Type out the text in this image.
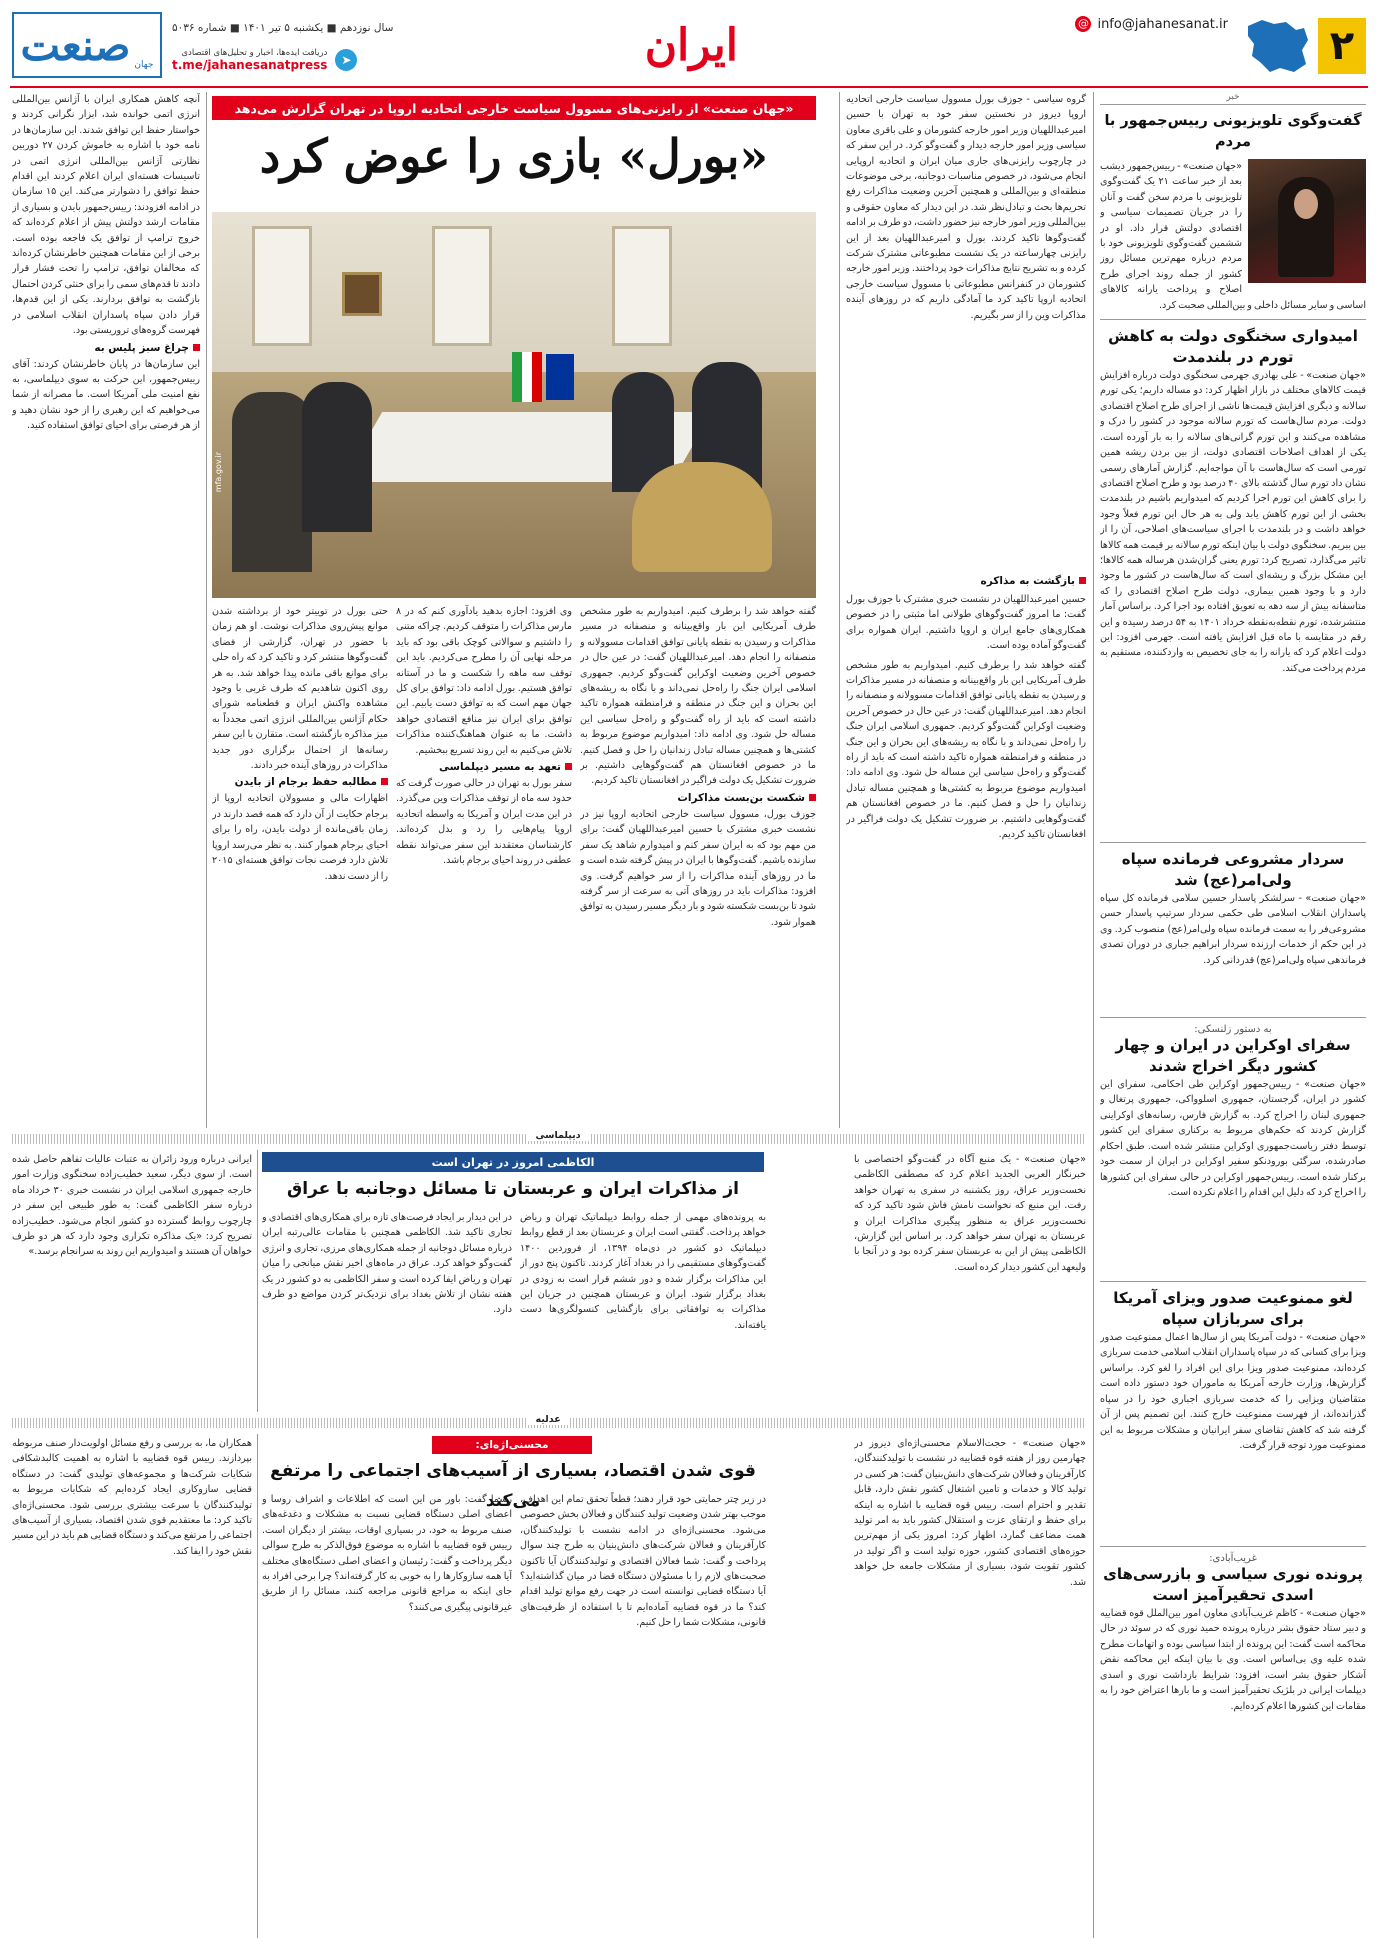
۲
@ info@jahanesanat.ir
ایران
سال نوزدهم ■ یکشنبه ۵ تیر ۱۴۰۱ ■ شماره ۵۰۳۶
➤
دریافت ایده‌ها، اخبار و تحلیل‌های اقتصادی
t.me/jahanesanatpress
جهان
صنعت
خبر
گفت‌وگوی تلویزیونی رییس‌جمهور با مردم
«جهان صنعت» - رییس‌جمهور دیشب بعد از خبر ساعت ۲۱ یک گفت‌وگوی تلویزیونی با مردم سخن گفت و آنان را در جریان تصمیمات سیاسی و اقتصادی دولتش قرار داد. او در ششمین گفت‌وگوی تلویزیونی خود با مردم درباره مهم‌ترین مسائل روز کشور از جمله روند اجرای طرح اصلاح و پرداخت یارانه کالاهای اساسی و سایر مسائل داخلی و بین‌المللی صحبت کرد.
امیدواری سخنگوی دولت به کاهش تورم در بلندمدت
«جهان صنعت» - علی بهادری جهرمی سخنگوی دولت درباره افزایش قیمت کالاهای مختلف در بازار اظهار کرد: دو مساله داریم؛ یکی تورم سالانه و دیگری افزایش قیمت‌ها ناشی از اجرای طرح اصلاح اقتصادی دولت. مردم سال‌هاست که تورم سالانه موجود در کشور را درک و مشاهده می‌کنند و این تورم گرانی‌های سالانه را به بار آورده است. یکی از اهداف اصلاحات اقتصادی دولت، از بین بردن ریشه همین تورمی است که سال‌هاست با آن مواجه‌ایم. گزارش آمارهای رسمی نشان داد تورم سال گذشته بالای ۴۰ درصد بود و طرح اصلاح اقتصادی را برای کاهش این تورم اجرا کردیم که امیدواریم باشیم در بلندمدت بخشی از این تورم کاهش یابد ولی به هر حال این تورم فعلاً وجود خواهد داشت و در بلندمدت با اجرای سیاست‌های اصلاحی، آن را از بین ببریم. سخنگوی دولت با بیان اینکه تورم سالانه بر قیمت همه کالاها تاثیر می‌گذارد، تصریح کرد: تورم یعنی گران‌شدن هرساله همه کالاها؛ این مشکل بزرگ و ریشه‌ای است که سال‌هاست در کشور ما وجود دارد و با وجود همین بیماری، دولت طرح اصلاح اقتصادی را که متاسفانه بیش از سه دهه به تعویق افتاده بود اجرا کرد. براساس آمار منتشرشده، تورم نقطه‌به‌نقطه خرداد ۱۴۰۱ به ۵۴ درصد رسیده و این رقم در مقایسه با ماه قبل افزایش یافته است. جهرمی افزود: این دولت اعلام کرد که یارانه را به جای تخصیص به واردکننده، مستقیم به مردم پرداخت می‌کند.
سردار مشروعی فرمانده سپاه ولی‌امر(عج) شد
«جهان صنعت» - سرلشکر پاسدار حسین سلامی فرمانده کل سپاه پاسداران انقلاب اسلامی طی حکمی سردار سرتیپ پاسدار حسن مشروعی‌فر را به سمت فرمانده سپاه ولی‌امر(عج) منصوب کرد. وی در این حکم از خدمات ارزنده سردار ابراهیم جباری در دوران تصدی فرماندهی سپاه ولی‌امر(عج) قدردانی کرد.
به دستور زلنسکی:
سفرای اوکراین در ایران و چهار کشور دیگر اخراج شدند
«جهان صنعت» - رییس‌جمهور اوکراین طی احکامی، سفرای این کشور در ایران، گرجستان، جمهوری اسلوواکی، جمهوری پرتغال و جمهوری لبنان را اخراج کرد. به گزارش فارس، رسانه‌های اوکراینی گزارش کردند که حکم‌های مربوط به برکناری سفرای این کشور توسط دفتر ریاست‌جمهوری اوکراین منتشر شده است. طبق احکام صادرشده، سرگئی بورودنکو سفیر اوکراین در ایران از سمت خود برکنار شده است. رییس‌جمهور اوکراین در حالی سفرای این کشورها را اخراج کرد که دلیل این اقدام را اعلام نکرده است.
لغو ممنوعیت صدور ویزای آمریکا برای سربازان سپاه
«جهان صنعت» - دولت آمریکا پس از سال‌ها اعمال ممنوعیت صدور ویزا برای کسانی که در سپاه پاسداران انقلاب اسلامی خدمت سربازی کرده‌اند، ممنوعیت صدور ویزا برای این افراد را لغو کرد. براساس گزارش‌ها، وزارت خارجه آمریکا به ماموران خود دستور داده است متقاضیان ویزایی را که خدمت سربازی اجباری خود را در سپاه گذرانده‌اند، از فهرست ممنوعیت خارج کنند. این تصمیم پس از آن گرفته شد که کاهش تقاضای سفر ایرانیان و مشکلات مربوط به این ممنوعیت مورد توجه قرار گرفت.
غریب‌آبادی:
پرونده نوری سیاسی و بازرسی‌های اسدی تحقیرآمیز است
«جهان صنعت» - کاظم غریب‌آبادی معاون امور بین‌الملل قوه قضاییه و دبیر ستاد حقوق بشر درباره پرونده حمید نوری که در سوئد در حال محاکمه است گفت: این پرونده از ابتدا سیاسی بوده و اتهامات مطرح شده علیه وی بی‌اساس است. وی با بیان اینکه این محاکمه نقض آشکار حقوق بشر است، افزود: شرایط بازداشت نوری و اسدی دیپلمات ایرانی در بلژیک تحقیرآمیز است و ما بارها اعتراض خود را به مقامات این کشورها اعلام کرده‌ایم.
«جهان صنعت» از رایزنی‌های مسوول سیاست خارجی اتحادیه اروپا در تهران گزارش می‌دهد
«بورل» بازی را عوض کرد
mfa.gov.ir
گروه سیاسی - جوزف بورل مسوول سیاست خارجی اتحادیه اروپا دیروز در نخستین سفر خود به تهران با حسین امیرعبداللهیان وزیر امور خارجه کشورمان و علی باقری معاون سیاسی وزیر امور خارجه دیدار و گفت‌وگو کرد. در این سفر که در چارچوب رایزنی‌های جاری میان ایران و اتحادیه اروپایی انجام می‌شود، در خصوص مناسبات دوجانبه، برخی موضوعات منطقه‌ای و بین‌المللی و همچنین آخرین وضعیت مذاکرات رفع تحریم‌ها بحث و تبادل‌نظر شد. در این دیدار که معاون حقوقی و بین‌المللی وزیر امور خارجه نیز حضور داشت، دو طرف بر ادامه گفت‌وگوها تاکید کردند. بورل و امیرعبداللهیان بعد از این رایزنی چهارساعته در یک نشست مطبوعاتی مشترک شرکت کرده و به تشریح نتایج مذاکرات خود پرداختند. وزیر امور خارجه کشورمان در کنفرانس مطبوعاتی با مسوول سیاست خارجی اتحادیه اروپا تاکید کرد ما آمادگی داریم که در روزهای آینده مذاکرات وین را از سر بگیریم.
بازگشت به مذاکره
حسین امیرعبداللهیان در نشست خبری مشترک با جوزف بورل گفت: ما امروز گفت‌وگوهای طولانی اما مثبتی را در خصوص همکاری‌های جامع ایران و اروپا داشتیم. ایران همواره برای گفت‌وگو آماده بوده است.
گفته خواهد شد را برطرف کنیم. امیدواریم به طور مشخص طرف آمریکایی این بار واقع‌بینانه و منصفانه در مسیر مذاکرات و رسیدن به نقطه پایانی توافق اقدامات مسوولانه و منصفانه را انجام دهد. امیرعبداللهیان گفت: در عین حال در خصوص آخرین وضعیت اوکراین گفت‌وگو کردیم. جمهوری اسلامی ایران جنگ را راه‌حل نمی‌داند و با نگاه به ریشه‌های این بحران و این جنگ در منطقه و فرامنطقه همواره تاکید داشته است که باید از راه گفت‌وگو و راه‌حل سیاسی این مساله حل شود. وی ادامه داد: امیدواریم موضوع مربوط به کشتی‌ها و همچنین مساله تبادل زندانیان را حل و فصل کنیم. ما در خصوص افغانستان هم گفت‌وگوهایی داشتیم. بر ضرورت تشکیل یک دولت فراگیر در افغانستان تاکید کردیم.
گفته خواهد شد را برطرف کنیم. امیدواریم به طور مشخص طرف آمریکایی این بار واقع‌بینانه و منصفانه در مسیر مذاکرات و رسیدن به نقطه پایانی توافق اقدامات مسوولانه و منصفانه را انجام دهد. امیرعبداللهیان گفت: در عین حال در خصوص آخرین وضعیت اوکراین گفت‌وگو کردیم. جمهوری اسلامی ایران جنگ را راه‌حل نمی‌داند و با نگاه به ریشه‌های این بحران و این جنگ در منطقه و فرامنطقه همواره تاکید داشته است که باید از راه گفت‌وگو و راه‌حل سیاسی این مساله حل شود. وی ادامه داد: امیدواریم موضوع مربوط به کشتی‌ها و همچنین مساله تبادل زندانیان را حل و فصل کنیم. ما در خصوص افغانستان هم گفت‌وگوهایی داشتیم. بر ضرورت تشکیل یک دولت فراگیر در افغانستان تاکید کردیم.
شکست بن‌بست مذاکرات
جوزف بورل، مسوول سیاست خارجی اتحادیه اروپا نیز در نشست خبری مشترک با حسین امیرعبداللهیان گفت: برای من مهم بود که به ایران سفر کنم و امیدوارم شاهد یک سفر سازنده باشیم. گفت‌وگوها با ایران در پیش گرفته شده است و ما در روزهای آینده مذاکرات را از سر خواهیم گرفت. وی افزود: مذاکرات باید در روزهای آتی به سرعت از سر گرفته شود تا بن‌بست شکسته شود و بار دیگر مسیر رسیدن به توافق هموار شود.
وی افزود: اجازه بدهید یادآوری کنم که در ۸ مارس مذاکرات را متوقف کردیم. چراکه متنی را داشتیم و سوالاتی کوچک باقی بود که باید مرحله نهایی آن را مطرح می‌کردیم. باید این توقف سه ماهه را شکست و ما در آستانه توافق هستیم. بورل ادامه داد: توافق برای کل جهان مهم است که به توافق دست یابیم. این توافق برای ایران نیز منافع اقتصادی خواهد داشت. ما به عنوان هماهنگ‌کننده مذاکرات تلاش می‌کنیم به این روند تسریع ببخشیم.
تعهد به مسیر دیپلماسی
سفر بورل به تهران در حالی صورت گرفت که حدود سه ماه از توقف مذاکرات وین می‌گذرد. در این مدت ایران و آمریکا به واسطه اتحادیه اروپا پیام‌هایی را رد و بدل کرده‌اند. کارشناسان معتقدند این سفر می‌تواند نقطه عطفی در روند احیای برجام باشد.
حتی بورل در توییتر خود از برداشته شدن موانع پیش‌روی مذاکرات نوشت. او هم زمان با حضور در تهران، گزارشی از فضای گفت‌وگوها منتشر کرد و تاکید کرد که راه حلی برای موانع باقی مانده پیدا خواهد شد. به هر روی اکنون شاهدیم که طرف غربی با وجود مشاهده واکنش ایران و قطعنامه شورای حکام آژانس بین‌المللی انرژی اتمی مجدداً به میز مذاکره بازگشته است. متقارن با این سفر رسانه‌ها از احتمال برگزاری دور جدید مذاکرات در روزهای آینده خبر دادند.
مطالبه حفظ برجام از بایدن
اظهارات مالی و مسوولان اتحادیه اروپا از برجام حکایت از آن دارد که همه قصد دارند در زمان باقی‌مانده از دولت بایدن، راه را برای احیای برجام هموار کنند. به نظر می‌رسد اروپا تلاش دارد فرصت نجات توافق هسته‌ای ۲۰۱۵ را از دست ندهد.
آنچه کاهش همکاری ایران با آژانس بین‌المللی انرژی اتمی خوانده شد، ابزار نگرانی کردند و خواستار حفظ این توافق شدند. این سازمان‌ها در نامه خود با اشاره به خاموش کردن ۲۷ دوربین نظارتی آژانس بین‌المللی انرژی اتمی در تاسیسات هسته‌ای ایران اعلام کردند این اقدام حفظ توافق را دشوارتر می‌کند. این ۱۵ سازمان در ادامه افزودند: رییس‌جمهور بایدن و بسیاری از مقامات ارشد دولتش پیش از اعلام کرده‌اند که خروج ترامپ از توافق یک فاجعه بوده است. برخی از این مقامات همچنین خاطرنشان کرده‌اند که مخالفان توافق، ترامپ را تحت فشار قرار دادند تا قدم‌های سمی را برای خنثی کردن احتمال بازگشت به توافق بردارند. یکی از این قدم‌ها، قرار دادن سپاه پاسداران انقلاب اسلامی در فهرست گروه‌های تروریستی بود.
چراغ سبز پلیس به
این سازمان‌ها در پایان خاطرنشان کردند: آقای رییس‌جمهور، این حرکت به سوی دیپلماسی، به نفع امنیت ملی آمریکا است. ما مصرانه از شما می‌خواهیم که این رهبری را از خود نشان دهید و از هر فرصتی برای احیای توافق استفاده کنید.
دیپلماسی
الکاظمی امروز در تهران است
از مذاکرات ایران و عربستان تا مسائل دوجانبه با عراق
«جهان صنعت» - یک منبع آگاه در گفت‌وگو اختصاصی با خبرنگار العربی الجدید اعلام کرد که مصطفی الکاظمی نخست‌وزیر عراق، روز یکشنبه در سفری به تهران خواهد رفت. این منبع که نخواست نامش فاش شود تاکید کرد که نخست‌وزیر عراق به منظور پیگیری مذاکرات ایران و عربستان به تهران سفر خواهد کرد. بر اساس این گزارش، الکاظمی پیش از این به عربستان سفر کرده بود و در آنجا با ولیعهد این کشور دیدار کرده است.
به پرونده‌های مهمی از جمله روابط دیپلماتیک تهران و ریاض خواهد پرداخت. گفتنی است ایران و عربستان بعد از قطع روابط دیپلماتیک دو کشور در دی‌ماه ۱۳۹۴، از فروردین ۱۴۰۰ گفت‌وگوهای مستقیمی را در بغداد آغاز کردند. تاکنون پنج دور از این مذاکرات برگزار شده و دور ششم قرار است به زودی در بغداد برگزار شود. ایران و عربستان همچنین در جریان این مذاکرات به توافقاتی برای بازگشایی کنسولگری‌ها دست یافته‌اند.
در این دیدار بر ایجاد فرصت‌های تازه برای همکاری‌های اقتصادی و تجاری تاکید شد. الکاظمی همچنین با مقامات عالی‌رتبه ایران درباره مسائل دوجانبه از جمله همکاری‌های مرزی، تجاری و انرژی گفت‌وگو خواهد کرد. عراق در ماه‌های اخیر نقش میانجی را میان تهران و ریاض ایفا کرده است و سفر الکاظمی به دو کشور در یک هفته نشان از تلاش بغداد برای نزدیک‌تر کردن مواضع دو طرف دارد.
ایرانی درباره ورود زائران به عتبات عالیات تفاهم حاصل شده است. از سوی دیگر، سعید خطیب‌زاده سخنگوی وزارت امور خارجه جمهوری اسلامی ایران در نشست خبری ۳۰ خرداد ماه درباره سفر الکاظمی گفت: به طور طبیعی این سفر در چارچوب روابط گسترده دو کشور انجام می‌شود. خطیب‌زاده تصریح کرد: «یک مذاکره تکراری وجود دارد که هر دو طرف خواهان آن هستند و امیدواریم این روند به سرانجام برسد.»
عدلیه
محسنی‌اژه‌ای:
قوی شدن اقتصاد، بسیاری از آسیب‌های اجتماعی را مرتفع می‌کند
«جهان صنعت» - حجت‌الاسلام محسنی‌اژه‌ای دیروز در چهارمین روز از هفته قوه قضاییه در نشست با تولیدکنندگان، کارآفرینان و فعالان شرکت‌های دانش‌بنیان گفت: هر کسی در تولید کالا و خدمات و تامین اشتغال کشور نقش دارد، قابل تقدیر و احترام است. رییس قوه قضاییه با اشاره به اینکه برای حفظ و ارتقای عزت و استقلال کشور باید به امر تولید همت مضاعف گمارد، اظهار کرد: امروز یکی از مهم‌ترین حوزه‌های اقتصادی کشور، حوزه تولید است و اگر تولید در کشور تقویت شود، بسیاری از مشکلات جامعه حل خواهد شد.
در زیر چتر حمایتی خود قرار دهند؛ قطعاً تحقق تمام این اهداف، موجب بهتر شدن وضعیت تولید کنندگان و فعالان بخش خصوصی می‌شود. محسنی‌اژه‌ای در ادامه نشست با تولیدکنندگان، کارآفرینان و فعالان شرکت‌های دانش‌بنیان به طرح چند سوال پرداخت و گفت: شما فعالان اقتصادی و تولیدکنندگان آیا تاکنون صحبت‌های لازم را با مسئولان دستگاه قضا در میان گذاشته‌اید؟ آیا دستگاه قضایی توانسته است در جهت رفع موانع تولید اقدام کند؟ ما در قوه قضاییه آماده‌ایم تا با استفاده از ظرفیت‌های قانونی، مشکلات شما را حل کنیم.
رسما گفت: باور من این است که اطلاعات و اشراف روسا و اعضای اصلی دستگاه قضایی نسبت به مشکلات و دغدغه‌های صنف مربوط به خود، در بسیاری اوقات، بیشتر از دیگران است. رییس قوه قضاییه با اشاره به موضوع فوق‌الذکر به طرح سوالی دیگر پرداخت و گفت: رئیسان و اعضای اصلی دستگاه‌های مختلف آیا همه سازوکارها را به خوبی به کار گرفته‌اند؟ چرا برخی افراد به جای اینکه به مراجع قانونی مراجعه کنند، مسائل را از طریق غیرقانونی پیگیری می‌کنند؟
همکاران ما، به بررسی و رفع مسائل اولویت‌دار صنف مربوطه بپردازند. رییس قوه قضاییه با اشاره به اهمیت کالبدشکافی شکایات شرکت‌ها و مجموعه‌های تولیدی گفت: در دستگاه قضایی سازوکاری ایجاد کرده‌ایم که شکایات مربوط به تولیدکنندگان با سرعت بیشتری بررسی شود. محسنی‌اژه‌ای تاکید کرد: ما معتقدیم قوی شدن اقتصاد، بسیاری از آسیب‌های اجتماعی را مرتفع می‌کند و دستگاه قضایی هم باید در این مسیر نقش خود را ایفا کند.
